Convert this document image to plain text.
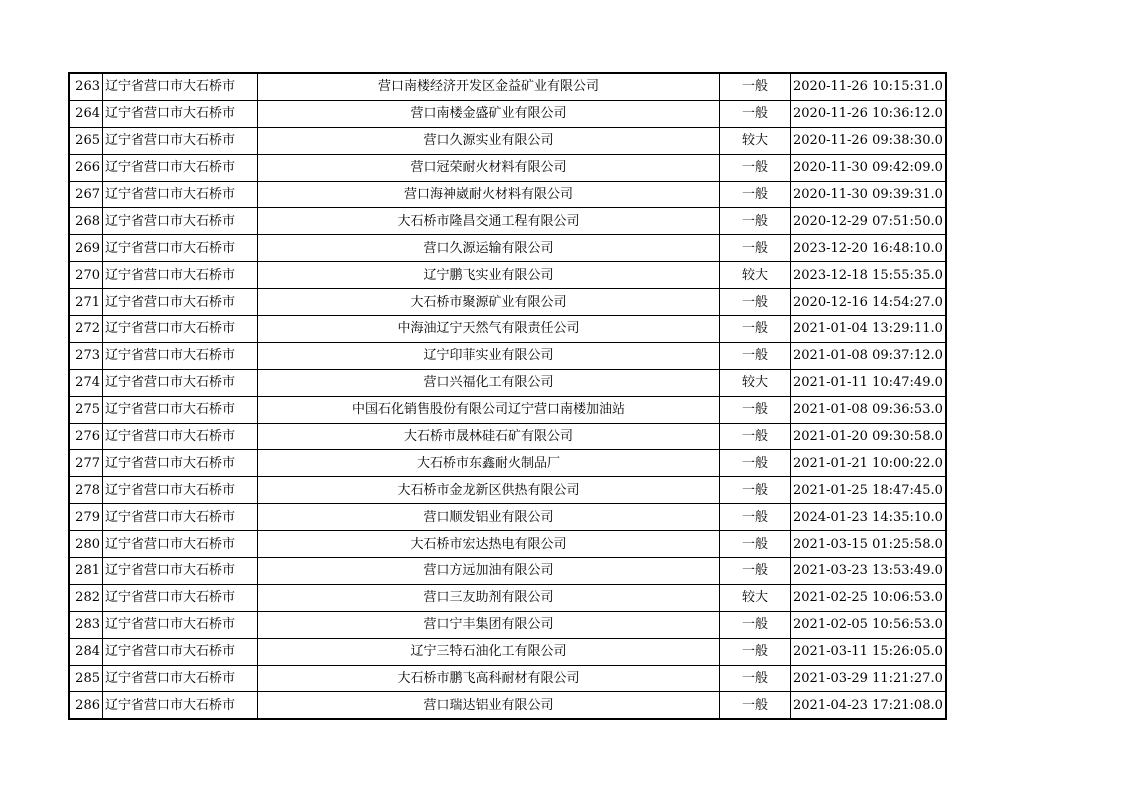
263	辽宁省营口市大石桥市	营口南楼经济开发区金益矿业有限公司	一般	2020-11-26 10:15:31.0
264	辽宁省营口市大石桥市	营口南楼金盛矿业有限公司	一般	2020-11-26 10:36:12.0
265	辽宁省营口市大石桥市	营口久源实业有限公司	较大	2020-11-26 09:38:30.0
266	辽宁省营口市大石桥市	营口冠荣耐火材料有限公司	一般	2020-11-30 09:42:09.0
267	辽宁省营口市大石桥市	营口海神崴耐火材料有限公司	一般	2020-11-30 09:39:31.0
268	辽宁省营口市大石桥市	大石桥市隆昌交通工程有限公司	一般	2020-12-29 07:51:50.0
269	辽宁省营口市大石桥市	营口久源运输有限公司	一般	2023-12-20 16:48:10.0
270	辽宁省营口市大石桥市	辽宁鹏飞实业有限公司	较大	2023-12-18 15:55:35.0
271	辽宁省营口市大石桥市	大石桥市聚源矿业有限公司	一般	2020-12-16 14:54:27.0
272	辽宁省营口市大石桥市	中海油辽宁天然气有限责任公司	一般	2021-01-04 13:29:11.0
273	辽宁省营口市大石桥市	辽宁印菲实业有限公司	一般	2021-01-08 09:37:12.0
274	辽宁省营口市大石桥市	营口兴福化工有限公司	较大	2021-01-11 10:47:49.0
275	辽宁省营口市大石桥市	中国石化销售股份有限公司辽宁营口南楼加油站	一般	2021-01-08 09:36:53.0
276	辽宁省营口市大石桥市	大石桥市晟林硅石矿有限公司	一般	2021-01-20 09:30:58.0
277	辽宁省营口市大石桥市	大石桥市东鑫耐火制品厂	一般	2021-01-21 10:00:22.0
278	辽宁省营口市大石桥市	大石桥市金龙新区供热有限公司	一般	2021-01-25 18:47:45.0
279	辽宁省营口市大石桥市	营口顺发铝业有限公司	一般	2024-01-23 14:35:10.0
280	辽宁省营口市大石桥市	大石桥市宏达热电有限公司	一般	2021-03-15 01:25:58.0
281	辽宁省营口市大石桥市	营口方远加油有限公司	一般	2021-03-23 13:53:49.0
282	辽宁省营口市大石桥市	营口三友助剂有限公司	较大	2021-02-25 10:06:53.0
283	辽宁省营口市大石桥市	营口宁丰集团有限公司	一般	2021-02-05 10:56:53.0
284	辽宁省营口市大石桥市	辽宁三特石油化工有限公司	一般	2021-03-11 15:26:05.0
285	辽宁省营口市大石桥市	大石桥市鹏飞高科耐材有限公司	一般	2021-03-29 11:21:27.0
286	辽宁省营口市大石桥市	营口瑞达铝业有限公司	一般	2021-04-23 17:21:08.0
